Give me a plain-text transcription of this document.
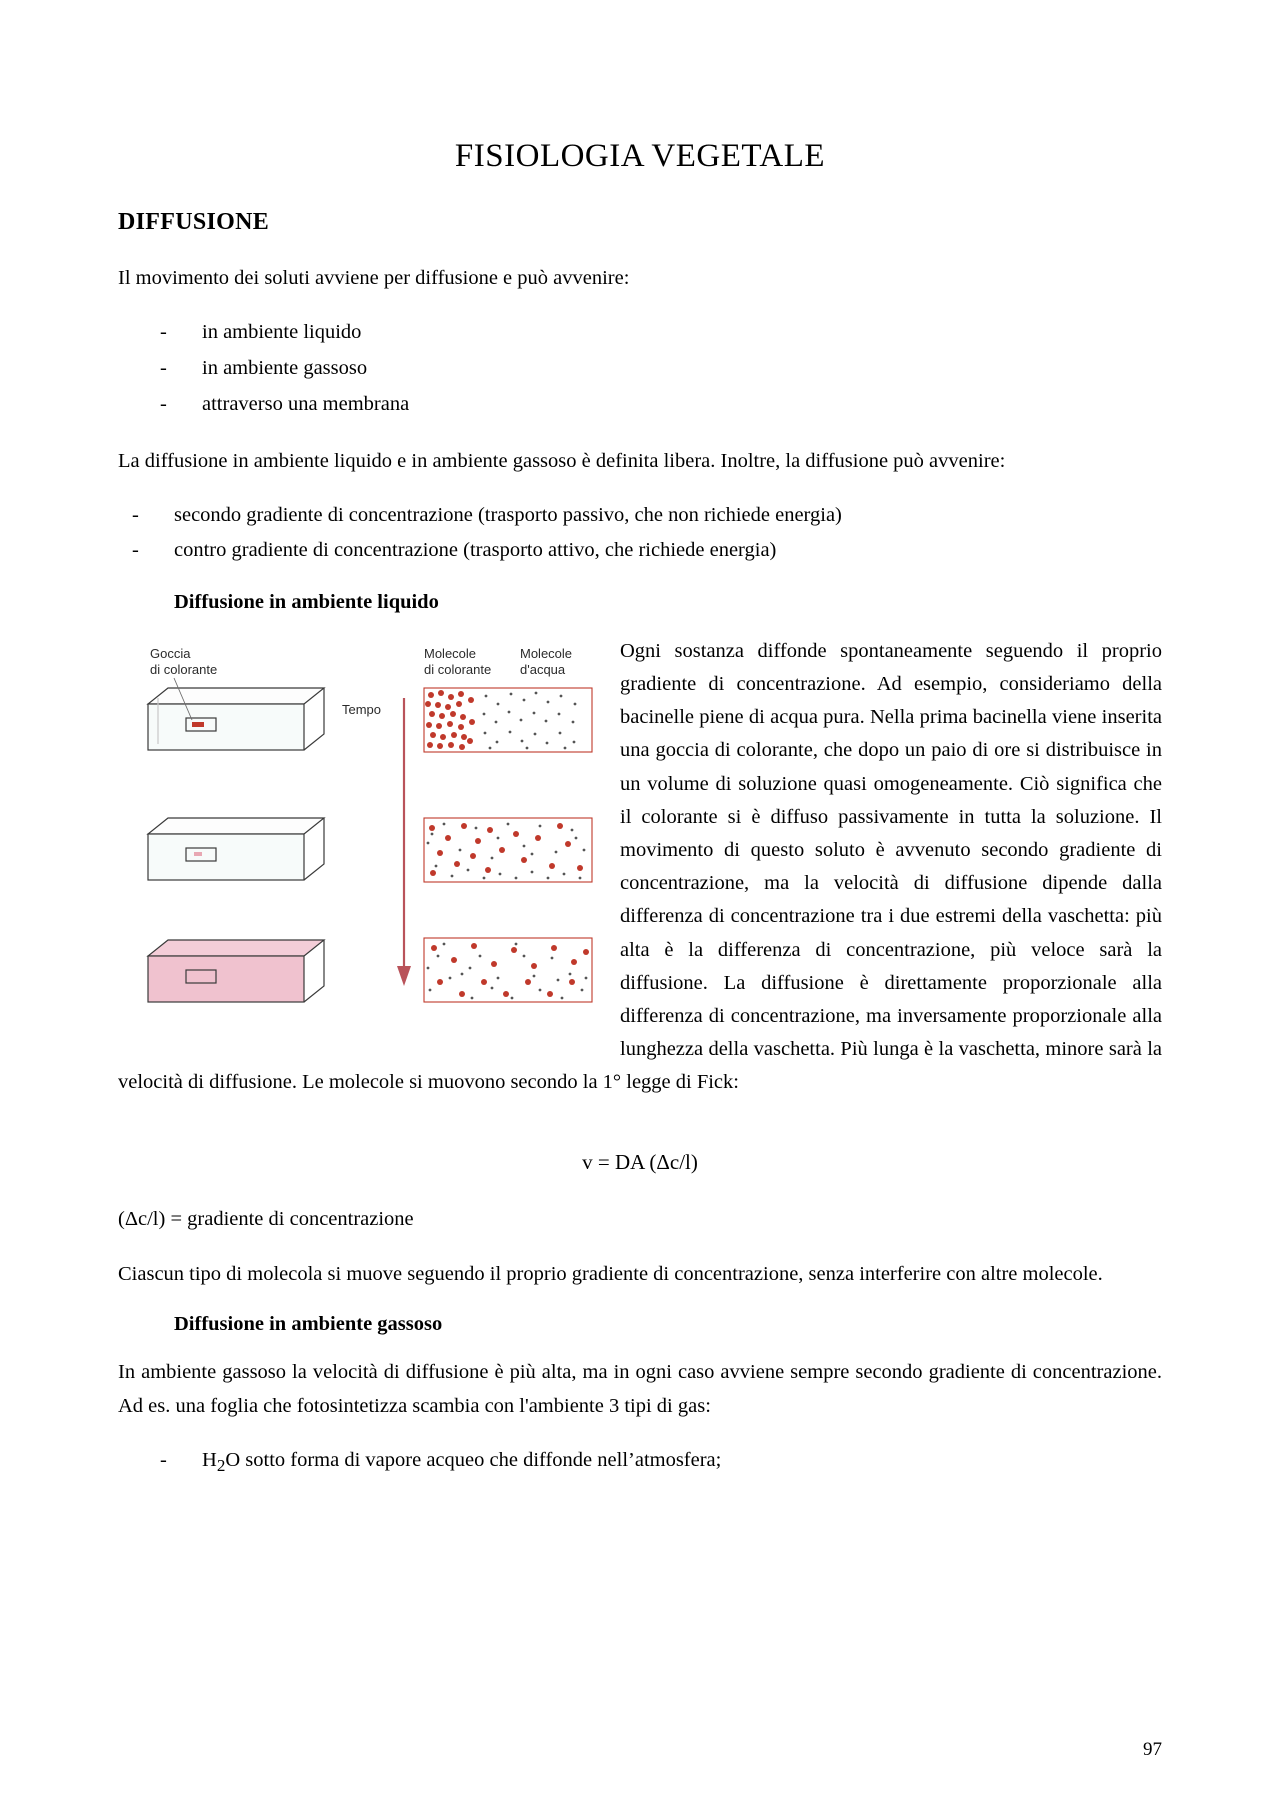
FISIOLOGIA VEGETALE
DIFFUSIONE

Il movimento dei soluti avviene per diffusione e può avvenire:

- in ambiente liquido
- in ambiente gassoso
- attraverso una membrana

La diffusione in ambiente liquido e in ambiente gassoso è definita libera. Inoltre, la diffusione può avvenire:

- secondo gradiente di concentrazione (trasporto passivo, che non richiede energia)
- contro gradiente di concentrazione (trasporto attivo, che richiede energia)
Diffusione in ambiente liquido
Goccia
di colorante
Tempo
Molecole
di colorante
Molecole
d'acqua

Ogni sostanza diffonde spontaneamente seguendo il proprio gradiente di concentrazione. Ad esempio, consideriamo della bacinelle piene di acqua pura. Nella prima bacinella viene inserita una goccia di colorante, che dopo un paio di ore si distribuisce in un volume di soluzione quasi omogeneamente. Ciò significa che il colorante si è diffuso passivamente in tutta la soluzione. Il movimento di questo soluto è avvenuto secondo gradiente di concentrazione, ma la velocità di diffusione dipende dalla differenza di concentrazione tra i due estremi della vaschetta: più alta è la differenza di concentrazione, più veloce sarà la diffusione. La diffusione è direttamente proporzionale alla differenza di concentrazione, ma inversamente proporzionale alla lunghezza della vaschetta. Più lunga è la vaschetta, minore sarà la velocità di diffusione. Le molecole si muovono secondo la 1° legge di Fick:

v = DA (Δc/l)

(Δc/l) = gradiente di concentrazione

Ciascun tipo di molecola si muove seguendo il proprio gradiente di concentrazione, senza interferire con altre molecole.

Diffusione in ambiente gassoso

In ambiente gassoso la velocità di diffusione è più alta, ma in ogni caso avviene sempre secondo gradiente di concentrazione. Ad es. una foglia che fotosintetizza scambia con l'ambiente 3 tipi di gas:

- $H_2O$ sotto forma di vapore acqueo che diffonde nell’atmosfera;
97
